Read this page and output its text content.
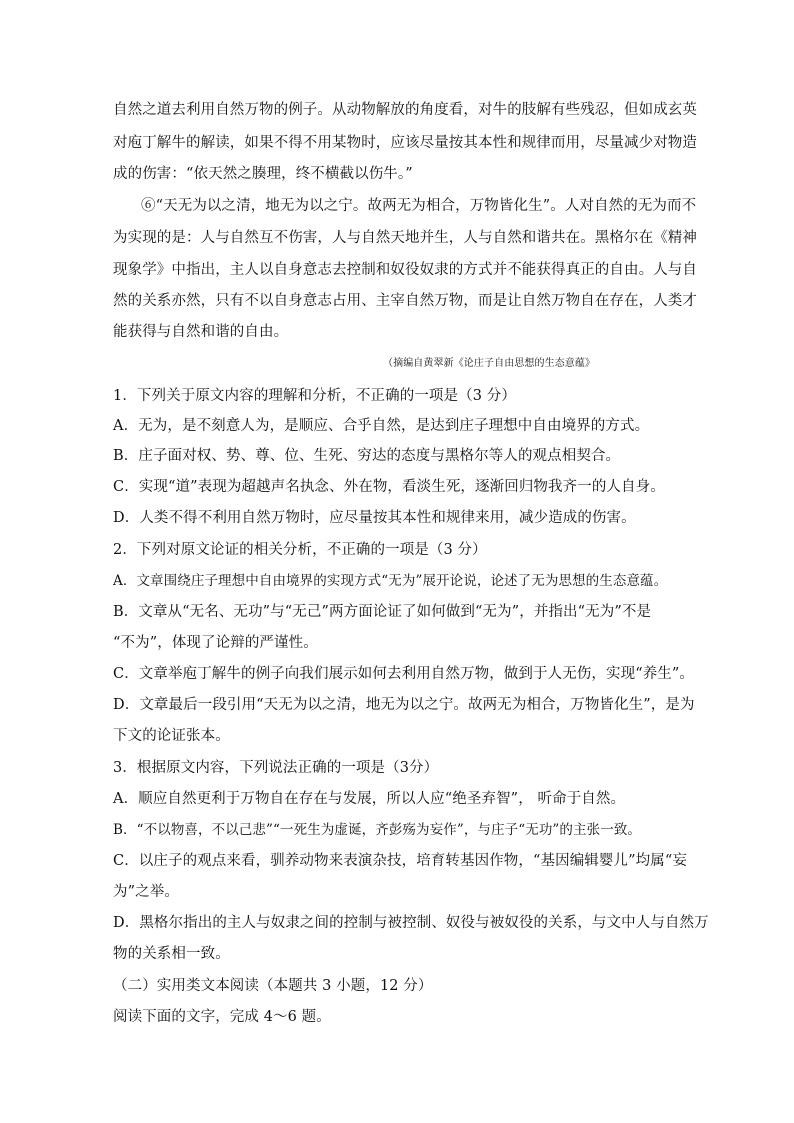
自然之道去利用自然万物的例子。从动物解放的角度看，对牛的肢解有些残忍，但如成玄英
对庖丁解牛的解读，如果不得不用某物时，应该尽量按其本性和规律而用，尽量减少对物造
成的伤害：“依天然之腠理，终不横截以伤牛。”
⑥“天无为以之清，地无为以之宁。故两无为相合，万物皆化生”。人对自然的无为而不
为实现的是：人与自然互不伤害，人与自然天地并生，人与自然和谐共在。黑格尔在《精神
现象学》中指出，主人以自身意志去控制和奴役奴隶的方式并不能获得真正的自由。人与自
然的关系亦然，只有不以自身意志占用、主宰自然万物，而是让自然万物自在存在，人类才
能获得与自然和谐的自由。
（摘编自黄翠新《论庄子自由思想的生态意蕴》
1．下列关于原文内容的理解和分析，不正确的一项是（3 分）
A．无为，是不刻意人为，是顺应、合乎自然，是达到庄子理想中自由境界的方式。
B．庄子面对权、势、尊、位、生死、穷达的态度与黑格尔等人的观点相契合。
C．实现“道”表现为超越声名执念、外在物，看淡生死，逐渐回归物我齐一的人自身。
D．人类不得不利用自然万物时，应尽量按其本性和规律来用，减少造成的伤害。
2．下列对原文论证的相关分析，不正确的一项是（3 分）
A．文章围绕庄子理想中自由境界的实现方式“无为”展开论说，论述了无为思想的生态意蕴。
B．文章从“无名、无功”与“无己”两方面论证了如何做到“无为”，并指出“无为”不是
“不为”，体现了论辩的严谨性。
C．文章举庖丁解牛的例子向我们展示如何去利用自然万物，做到于人无伤，实现“养生”。
D．文章最后一段引用“天无为以之清，地无为以之宁。故两无为相合，万物皆化生”，是为
下文的论证张本。
3．根据原文内容，下列说法正确的一项是（3分）
A．顺应自然更利于万物自在存在与发展，所以人应“绝圣弃智”， 听命于自然。
B．“不以物喜，不以己悲”“一死生为虚诞，齐彭殇为妄作”，与庄子“无功”的主张一致。
C．以庄子的观点来看，驯养动物来表演杂技，培育转基因作物，“基因编辑婴儿”均属“妄
为”之举。
D．黑格尔指出的主人与奴隶之间的控制与被控制、奴役与被奴役的关系，与文中人与自然万
物的关系相一致。
（二）实用类文本阅读（本题共 3 小题，12 分）
阅读下面的文字，完成 4～6 题。
